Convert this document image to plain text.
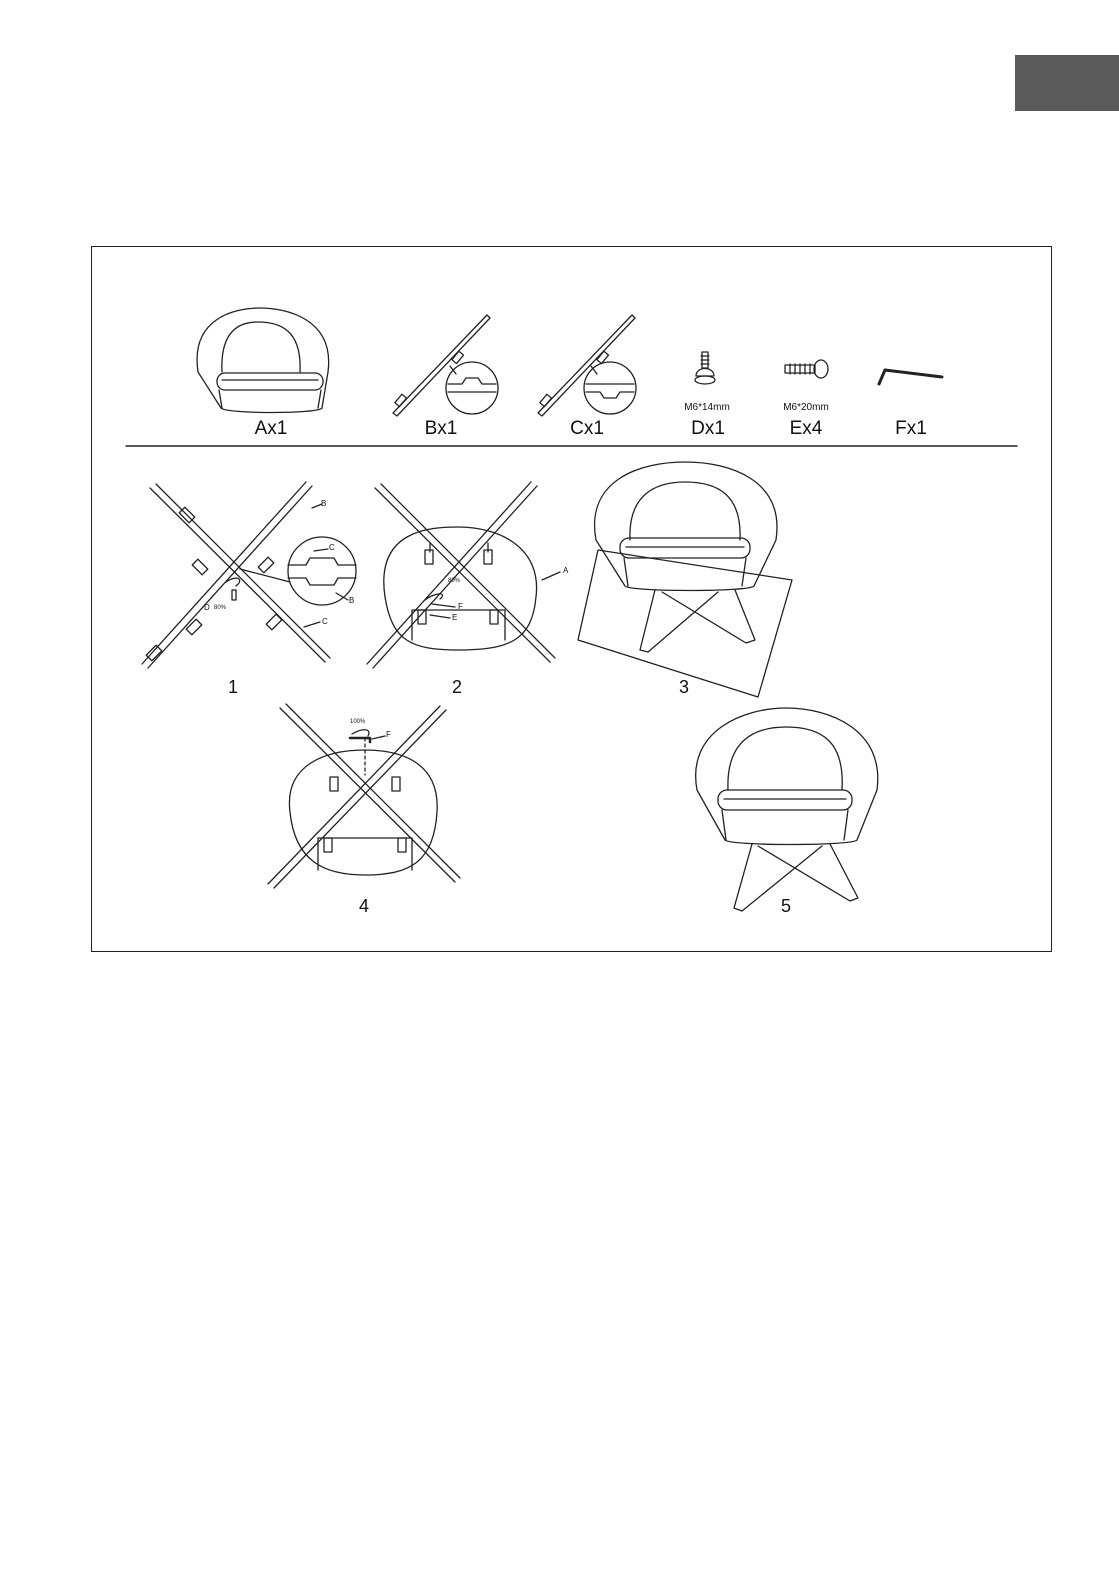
Ax1	Bx1	Cx1
M6*14mm
Dx1
M6*20mm
Ex4	Fx1
B
C
B
C
D 80%
A
80%
F
E
100%
F
1	2	3
4	5
